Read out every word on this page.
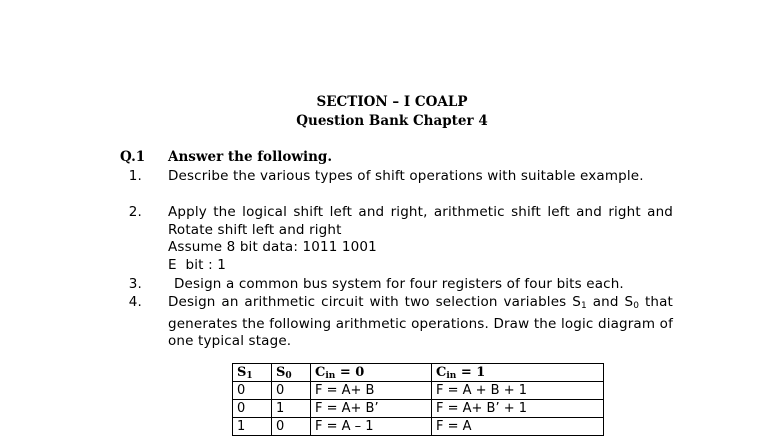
SECTION – I COALP
Question Bank Chapter 4
Q.1 Answer the following.
1. Describe the various types of shift operations with suitable example.
2. Apply the logical shift left and right, arithmetic shift left and right and Rotate shift left and right
Assume 8 bit data: 1011 1001
E  bit : 1
3. Design a common bus system for four registers of four bits each.
4. Design an arithmetic circuit with two selection variables $S_1$ and $S_0$ that generates the following arithmetic operations. Draw the logic diagram of one typical stage.
$S_1$	$S_0$	$C_{in} = 0$	$C_{in} = 1$
0	0	F = A+ B	F = A + B + 1
0	1	F = A+ B’	F = A+ B’ + 1
1	0	F = A – 1	F = A
